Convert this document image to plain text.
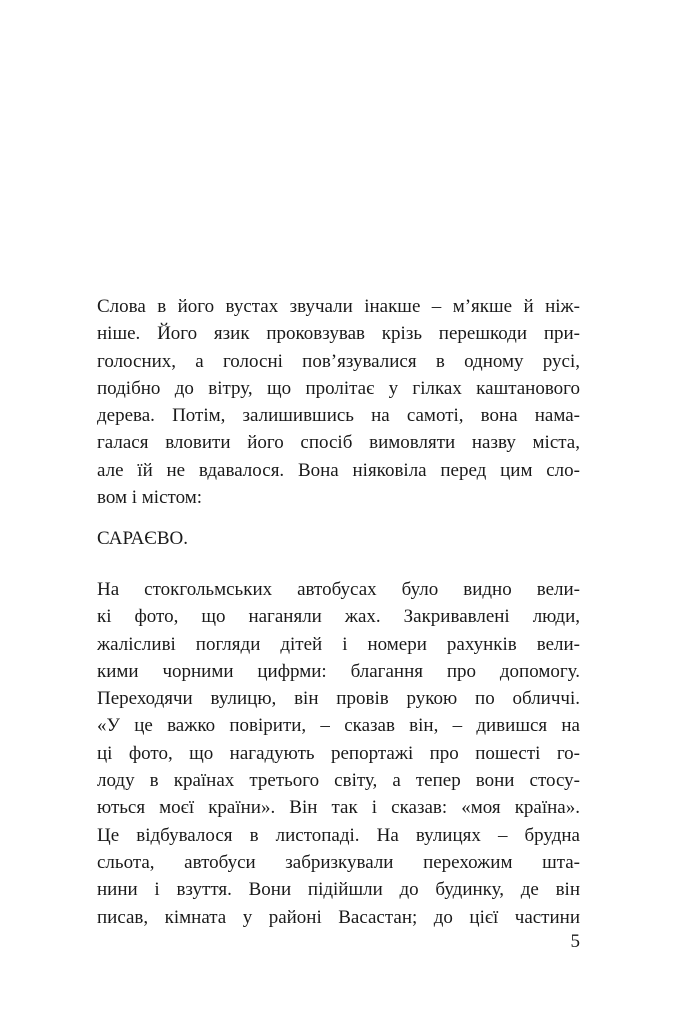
Слова в його вустах звучали інакше – м’якше й ніж-
ніше. Його язик проковзував крізь перешкоди при-
голосних, а голосні пов’язувалися в одному русі,
подібно до вітру, що пролітає у гілках каштанового
дерева. Потім, залишившись на самоті, вона нама-
галася вловити його спосіб вимовляти назву міста,
але їй не вдавалося. Вона ніяковіла перед цим сло-
вом і містом:
САРАЄВО.
На стокгольмських автобусах було видно вели-
кі фото, що наганяли жах. Закривавлені люди,
жалісливі погляди дітей і номери рахунків вели-
кими чорними цифрми: благання про допомогу.
Переходячи вулицю, він провів рукою по обличчі.
«У це важко повірити, – сказав він, – дивишся на
ці фото, що нагадують репортажі про пошесті го-
лоду в країнах третього світу, а тепер вони стосу-
ються моєї країни». Він так і сказав: «моя країна».
Це відбувалося в листопаді. На вулицях – брудна
сльота, автобуси забризкували перехожим шта-
нини і взуття. Вони підійшли до будинку, де він
писав, кімната у районі Васастан; до цієї частини
5
